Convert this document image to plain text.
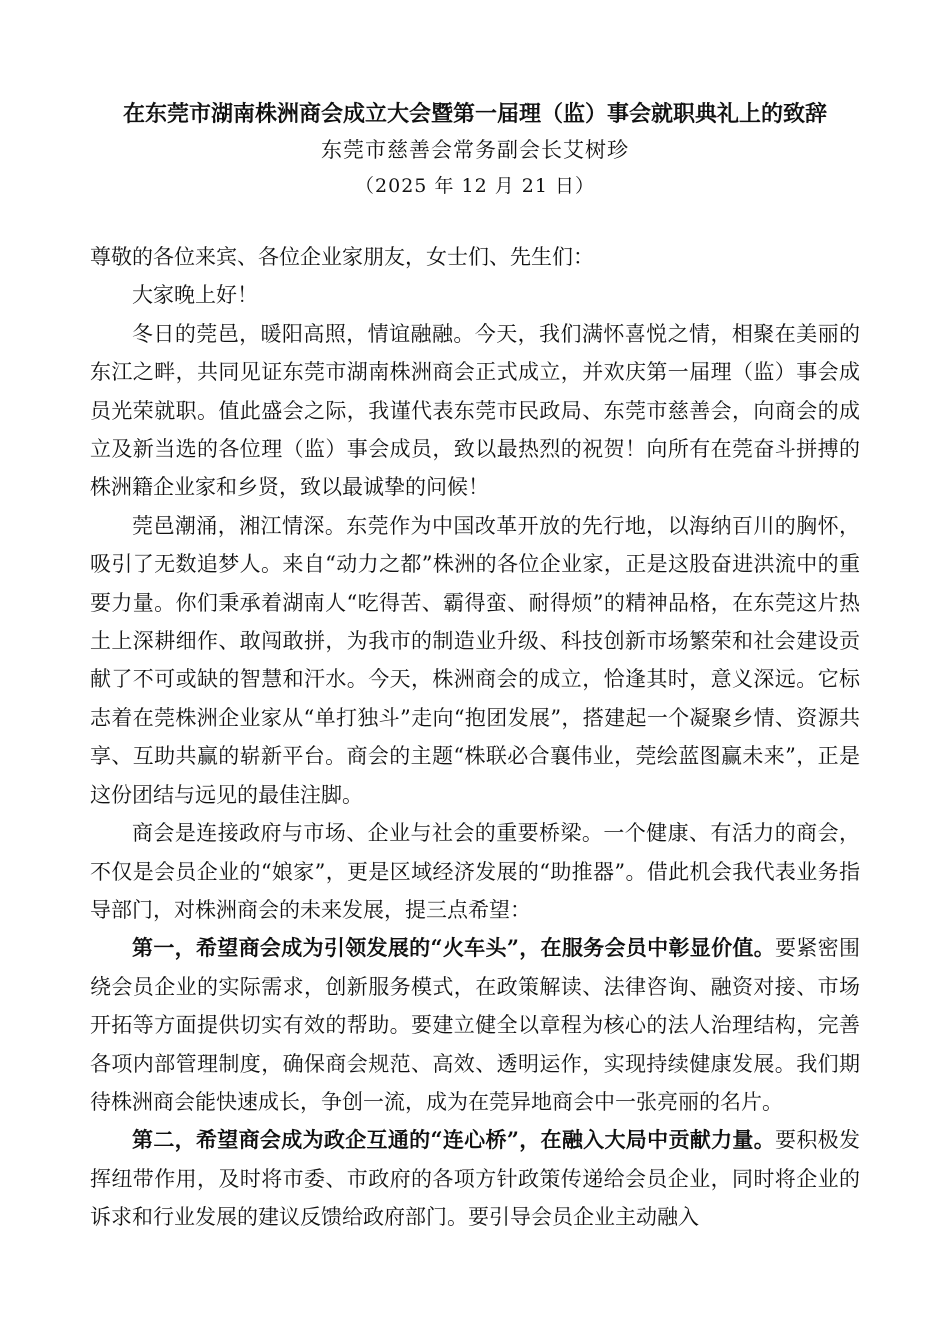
在东莞市湖南株洲商会成立大会暨第一届理（监）事会就职典礼上的致辞
东莞市慈善会常务副会长艾树珍
（2025 年 12 月 21 日）

尊敬的各位来宾、各位企业家朋友，女士们、先生们：

大家晚上好！

冬日的莞邑，暖阳高照，情谊融融。今天，我们满怀喜悦之情，相聚在美丽的东江之畔，共同见证东莞市湖南株洲商会正式成立，并欢庆第一届理（监）事会成员光荣就职。值此盛会之际，我谨代表东莞市民政局、东莞市慈善会，向商会的成立及新当选的各位理（监）事会成员，致以最热烈的祝贺！向所有在莞奋斗拼搏的株洲籍企业家和乡贤，致以最诚挚的问候！

莞邑潮涌，湘江情深。东莞作为中国改革开放的先行地，以海纳百川的胸怀，吸引了无数追梦人。来自“动力之都”株洲的各位企业家，正是这股奋进洪流中的重要力量。你们秉承着湖南人“吃得苦、霸得蛮、耐得烦”的精神品格，在东莞这片热土上深耕细作、敢闯敢拼，为我市的制造业升级、科技创新市场繁荣和社会建设贡献了不可或缺的智慧和汗水。今天，株洲商会的成立，恰逢其时，意义深远。它标志着在莞株洲企业家从“单打独斗”走向“抱团发展”，搭建起一个凝聚乡情、资源共享、互助共赢的崭新平台。商会的主题“株联必合襄伟业，莞绘蓝图赢未来”，正是这份团结与远见的最佳注脚。

商会是连接政府与市场、企业与社会的重要桥梁。一个健康、有活力的商会，不仅是会员企业的“娘家”，更是区域经济发展的“助推器”。借此机会我代表业务指导部门，对株洲商会的未来发展，提三点希望：

第一，希望商会成为引领发展的“火车头”，在服务会员中彰显价值。要紧密围绕会员企业的实际需求，创新服务模式，在政策解读、法律咨询、融资对接、市场开拓等方面提供切实有效的帮助。要建立健全以章程为核心的法人治理结构，完善各项内部管理制度，确保商会规范、高效、透明运作，实现持续健康发展。我们期待株洲商会能快速成长，争创一流，成为在莞异地商会中一张亮丽的名片。

第二，希望商会成为政企互通的“连心桥”，在融入大局中贡献力量。要积极发挥纽带作用，及时将市委、市政府的各项方针政策传递给会员企业，同时将企业的诉求和行业发展的建议反馈给政府部门。要引导会员企业主动融入
